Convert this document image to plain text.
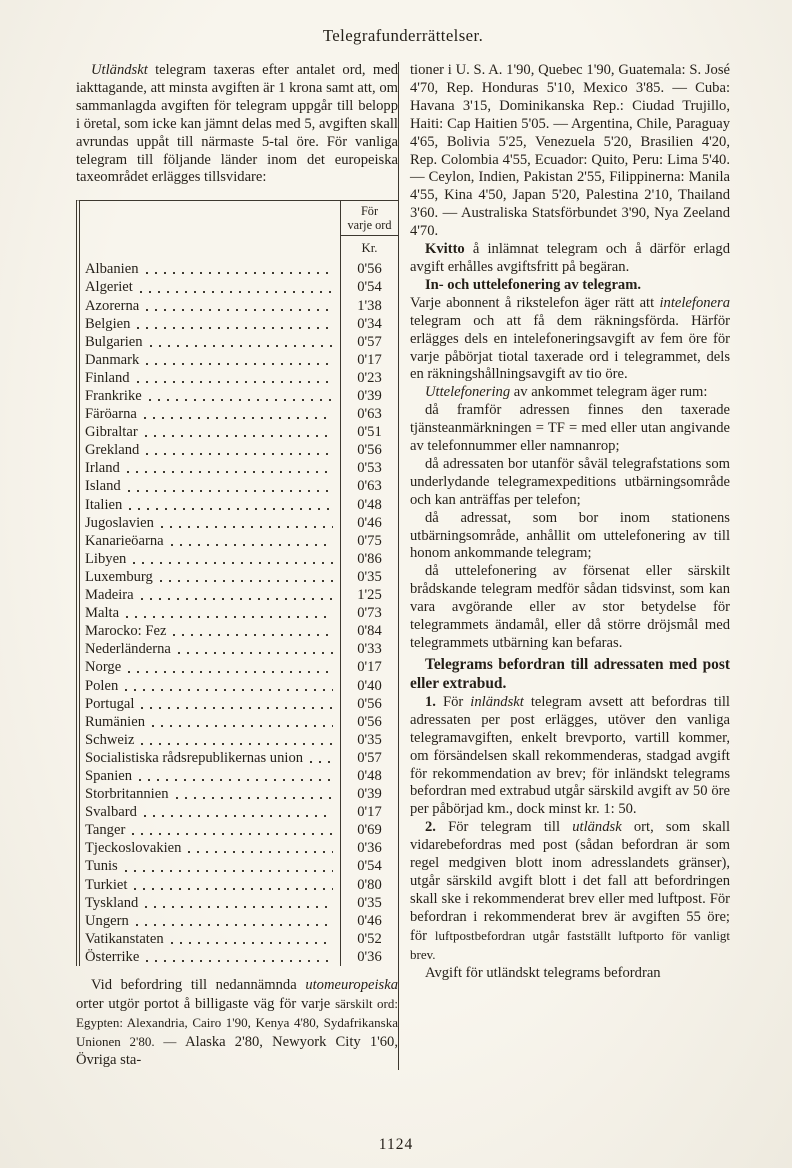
Telegrafunderrättelser.

Utländskt telegram taxeras efter antalet ord, med iakttagande, att minsta avgiften är 1 krona samt att, om sammanlagda avgiften för telegram uppgår till belopp i öretal, som icke kan jämnt delas med 5, avgiften skall avrundas uppåt till närmaste 5-tal öre. För vanliga telegram till följande länder inom det europeiska taxeområdet erlägges tillsvidare:

För
varje ord
Kr.
Albanien	0'56
Algeriet	0'54
Azorerna	1'38
Belgien	0'34
Bulgarien	0'57
Danmark	0'17
Finland	0'23
Frankrike	0'39
Färöarna	0'63
Gibraltar	0'51
Grekland	0'56
Irland	0'53
Island	0'63
Italien	0'48
Jugoslavien	0'46
Kanarieöarna	0'75
Libyen	0'86
Luxemburg	0'35
Madeira	1'25
Malta	0'73
Marocko: Fez	0'84
Nederländerna	0'33
Norge	0'17
Polen	0'40
Portugal	0'56
Rumänien	0'56
Schweiz	0'35
Socialistiska rådsrepublikernas union	0'57
Spanien	0'48
Storbritannien	0'39
Svalbard	0'17
Tanger	0'69
Tjeckoslovakien	0'36
Tunis	0'54
Turkiet	0'80
Tyskland	0'35
Ungern	0'46
Vatikanstaten	0'52
Österrike	0'36

Vid befordring till nedannämnda utomeuropeiska orter utgör portot å billigaste väg för varje särskilt ord: Egypten: Alexandria, Cairo 1'90, Kenya 4'80, Sydafrikanska Unionen 2'80. — Alaska 2'80, Newyork City 1'60, Övriga sta-

tioner i U. S. A. 1'90, Quebec 1'90, Guatemala: S. José 4'70, Rep. Honduras 5'10, Mexico 3'85. — Cuba: Havana 3'15, Dominikanska Rep.: Ciudad Trujillo, Haiti: Cap Haitien 5'05. — Argentina, Chile, Paraguay 4'65, Bolivia 5'25, Venezuela 5'20, Brasilien 4'20, Rep. Colombia 4'55, Ecuador: Quito, Peru: Lima 5'40. — Ceylon, Indien, Pakistan 2'55, Filippinerna: Manila 4'55, Kina 4'50, Japan 5'20, Palestina 2'10, Thailand 3'60. — Australiska Statsförbundet 3'90, Nya Zeeland 4'70.

Kvitto å inlämnat telegram och å därför erlagd avgift erhålles avgiftsfritt på begäran.

In- och uttelefonering av telegram.

Varje abonnent å rikstelefon äger rätt att intelefonera telegram och att få dem räkningsförda. Härför erlägges dels en intelefoneringsavgift av fem öre för varje påbörjat tiotal taxerade ord i telegrammet, dels en räkningshållningsavgift av tio öre.

Uttelefonering av ankommet telegram äger rum:

då framför adressen finnes den taxerade tjänsteanmärkningen = TF = med eller utan angivande av telefonnummer eller namnanrop;

då adressaten bor utanför såväl telegrafstations som underlydande telegramexpeditions utbärningsområde och kan anträffas per telefon;

då adressat, som bor inom stationens utbärningsområde, anhållit om uttelefonering av till honom ankommande telegram;

då uttelefonering av försenat eller särskilt brådskande telegram medför sådan tidsvinst, som kan vara avgörande eller av stor betydelse för telegrammets ändamål, eller då större dröjsmål med telegrammets utbärning kan befaras.

Telegrams befordran till adressaten med post eller extrabud.

1. För inländskt telegram avsett att befordras till adressaten per post erlägges, utöver den vanliga telegramavgiften, enkelt brevporto, vartill kommer, om försändelsen skall rekommenderas, stadgad avgift för rekommendation av brev; för inländskt telegrams befordran med extrabud utgår särskild avgift av 50 öre per påbörjad km., dock minst kr. 1: 50.

2. För telegram till utländsk ort, som skall vidarebefordras med post (sådan befordran är som regel medgiven blott inom adresslandets gränser), utgår särskild avgift blott i det fall att befordringen skall ske i rekommenderat brev eller med luftpost. För befordran i rekommenderat brev är avgiften 55 öre; för luftpostbefordran utgår fastställt luftporto för vanligt brev.

Avgift för utländskt telegrams befordran

1124
